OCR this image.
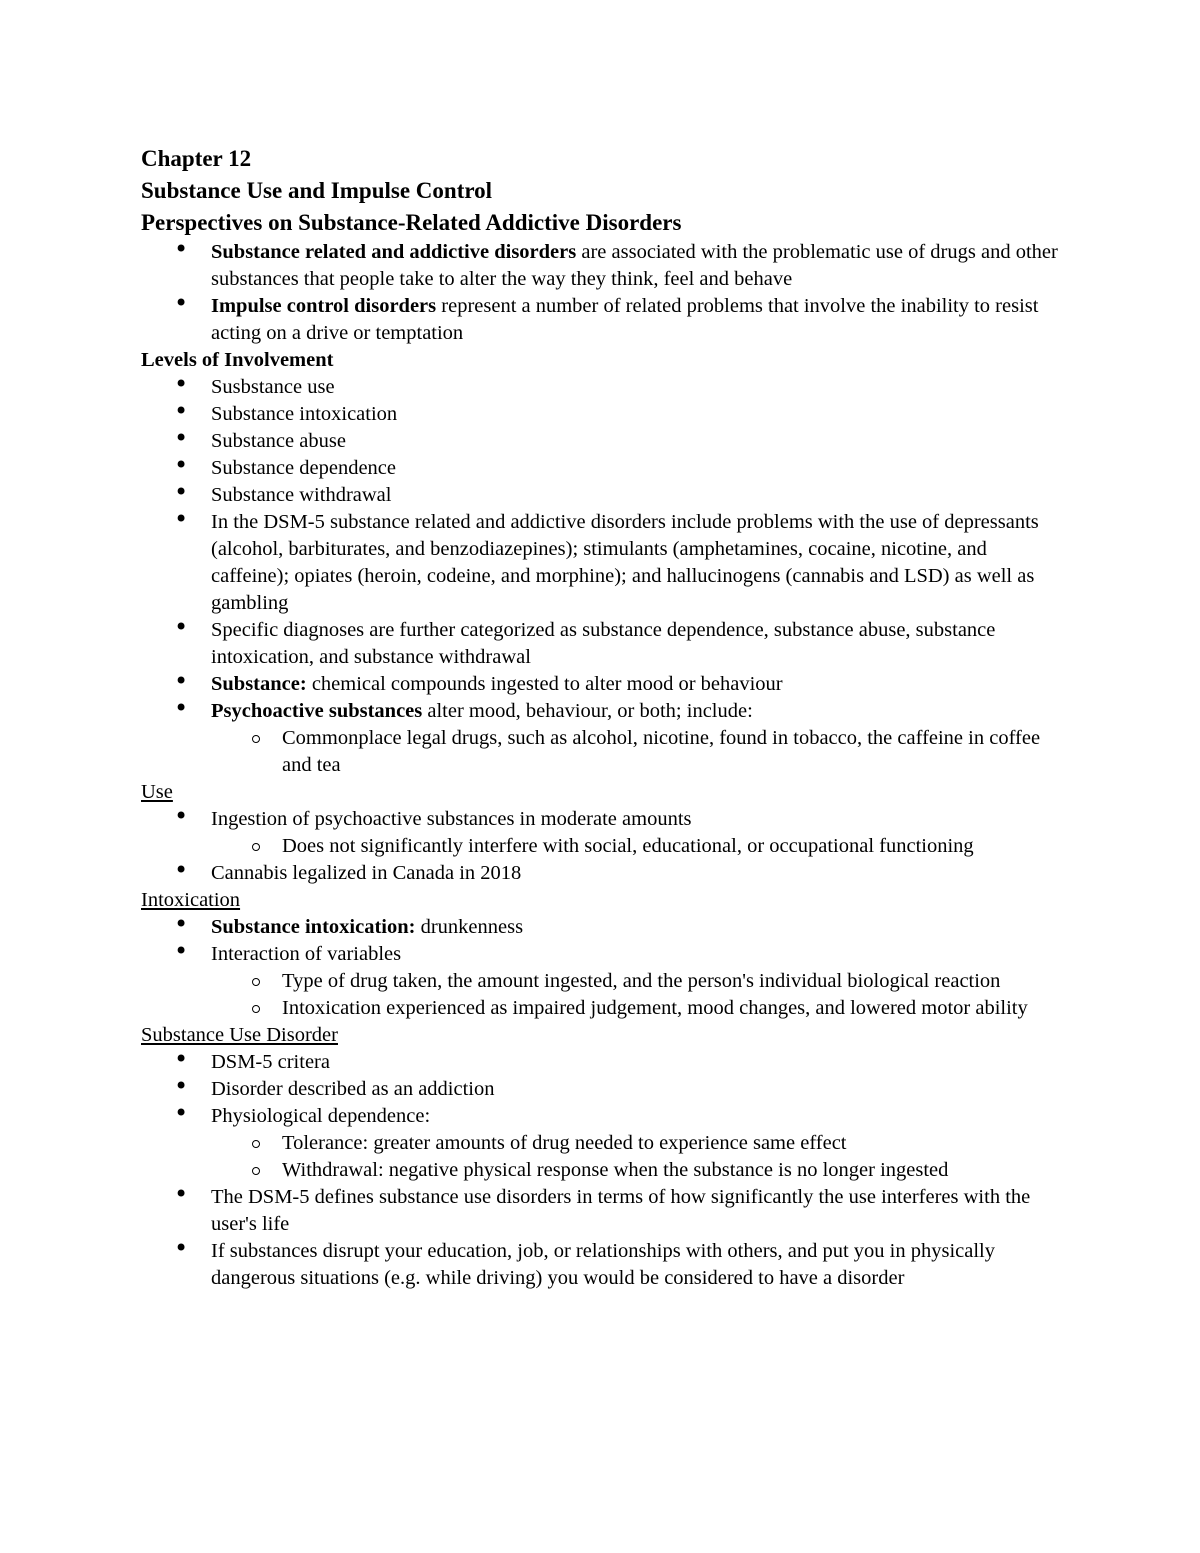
Chapter 12

Substance Use and Impulse Control

Perspectives on Substance-Related Addictive Disorders

• Substance related and addictive disorders are associated with the problematic use of drugs and other substances that people take to alter the way they think, feel and behave
• Impulse control disorders represent a number of related problems that involve the inability to resist acting on a drive or temptation

Levels of Involvement

• Susbstance use
• Substance intoxication
• Substance abuse
• Substance dependence
• Substance withdrawal
• In the DSM-5 substance related and addictive disorders include problems with the use of depressants (alcohol, barbiturates, and benzodiazepines); stimulants (amphetamines, cocaine, nicotine, and caffeine); opiates (heroin, codeine, and morphine); and hallucinogens (cannabis and LSD) as well as gambling
• Specific diagnoses are further categorized as substance dependence, substance abuse, substance intoxication, and substance withdrawal
• Substance: chemical compounds ingested to alter mood or behaviour
• Psychoactive substances alter mood, behaviour, or both; include:
Commonplace legal drugs, such as alcohol, nicotine, found in tobacco, the caffeine in coffee and tea

Use

• Ingestion of psychoactive substances in moderate amounts
Does not significantly interfere with social, educational, or occupational functioning
• Cannabis legalized in Canada in 2018

Intoxication

• Substance intoxication: drunkenness
• Interaction of variables
Type of drug taken, the amount ingested, and the person's individual biological reaction
Intoxication experienced as impaired judgement, mood changes, and lowered motor ability

Substance Use Disorder

• DSM-5 critera
• Disorder described as an addiction
• Physiological dependence:
Tolerance: greater amounts of drug needed to experience same effect
Withdrawal: negative physical response when the substance is no longer ingested
• The DSM-5 defines substance use disorders in terms of how significantly the use interferes with the user's life
• If substances disrupt your education, job, or relationships with others, and put you in physically dangerous situations (e.g. while driving) you would be considered to have a disorder
